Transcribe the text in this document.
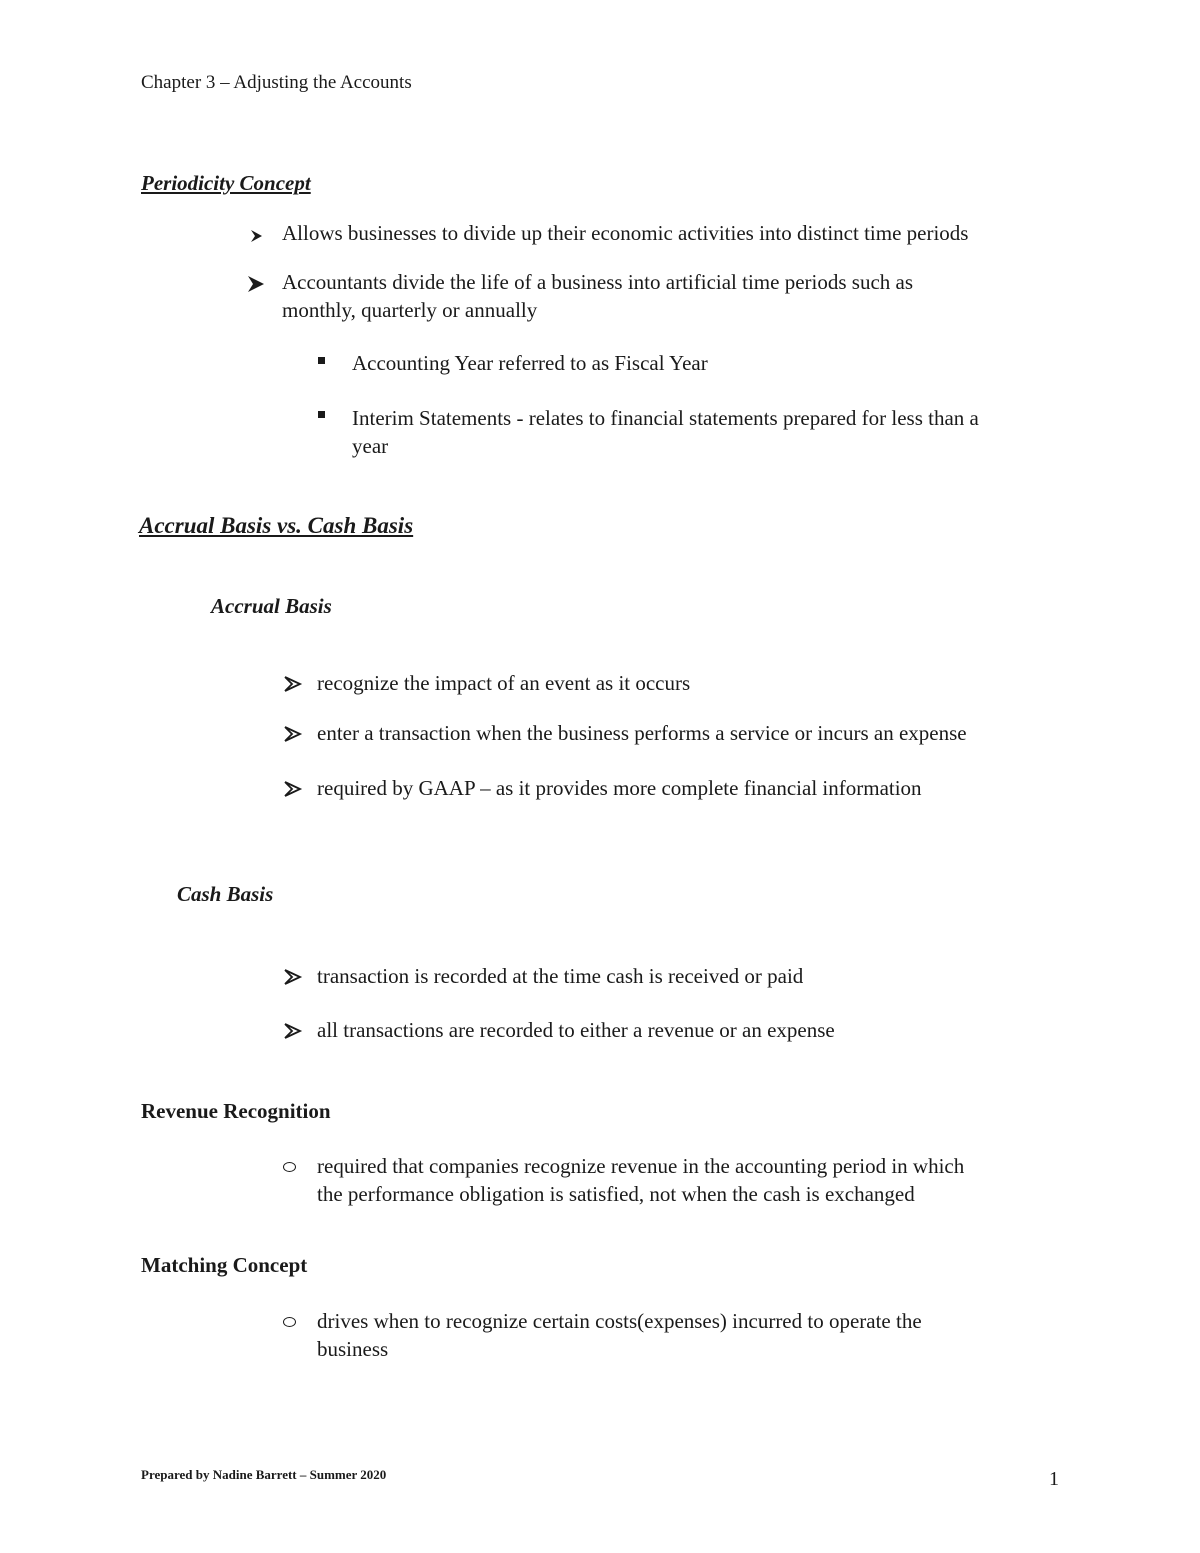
Chapter 3 – Adjusting the Accounts
Periodicity Concept
Allows businesses to divide up their economic activities into distinct time periods
Accountants divide the life of a business into artificial time periods such as
monthly, quarterly or annually
Accounting Year referred to as Fiscal Year
Interim Statements - relates to financial statements prepared for less than a
year
Accrual Basis vs. Cash Basis
Accrual Basis
recognize the impact of an event as it occurs
enter a transaction when the business performs a service or incurs an expense
required by GAAP – as it provides more complete financial information
Cash Basis
transaction is recorded at the time cash is received or paid
all transactions are recorded to either a revenue or an expense
Revenue Recognition
required that companies recognize revenue in the accounting period in which
the performance obligation is satisfied, not when the cash is exchanged
Matching Concept
drives when to recognize certain costs(expenses) incurred to operate the
business
Prepared by Nadine Barrett – Summer 2020	1
